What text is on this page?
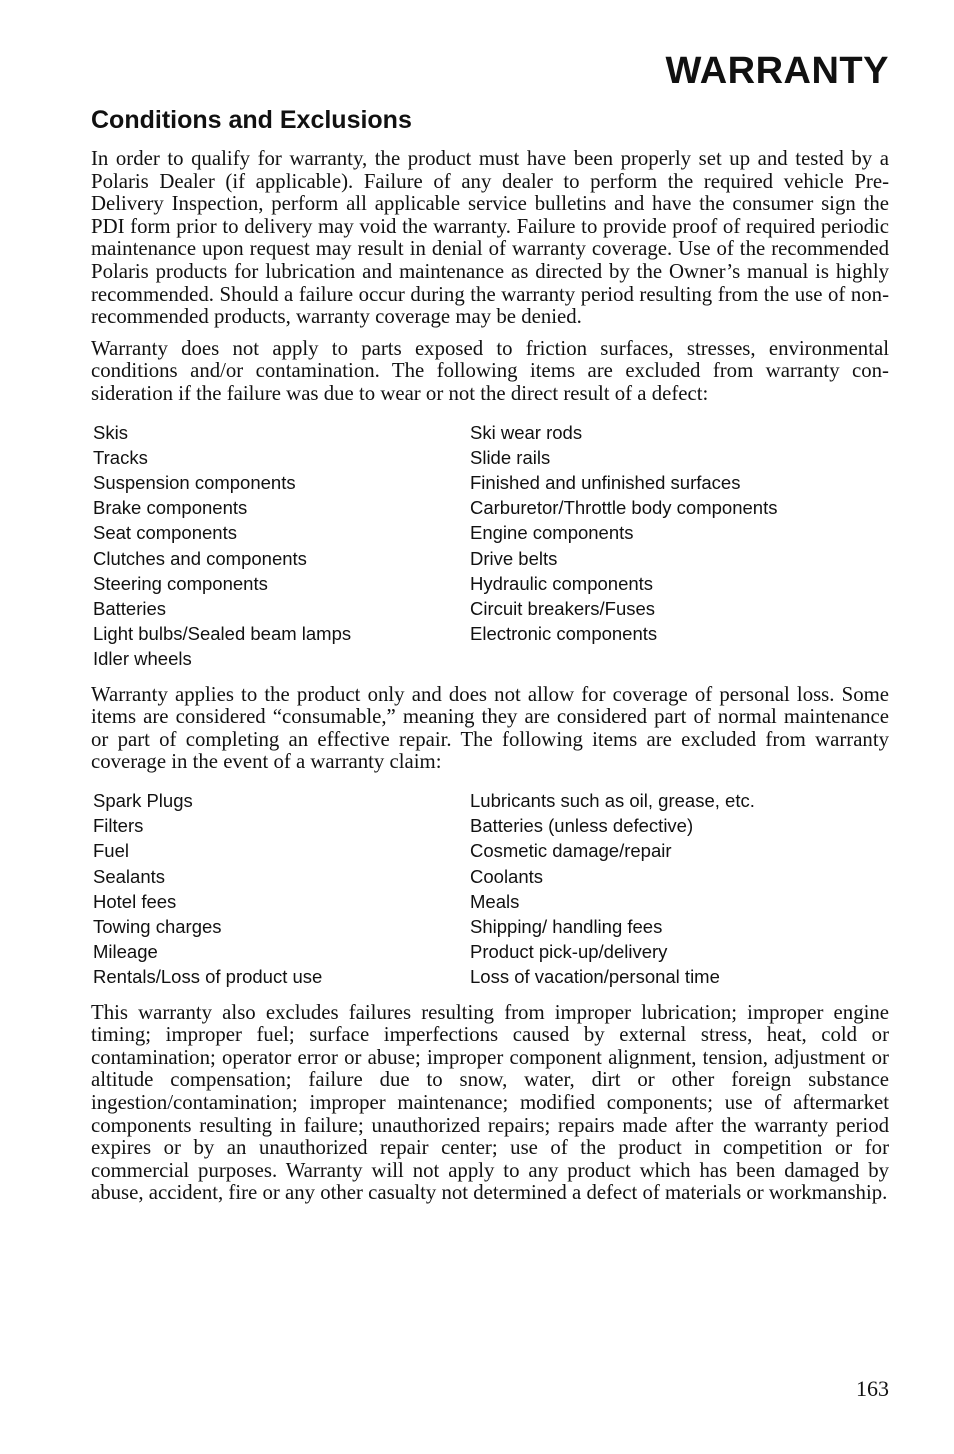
WARRANTY
Conditions and Exclusions

In order to qualify for warranty, the product must have been properly set up and tested by a Polaris Dealer (if applicable). Failure of any dealer to perform the required vehicle Pre-Delivery Inspection, perform all applicable service bulletins and have the consumer sign the PDI form prior to delivery may void the warranty. Failure to provide proof of required periodic maintenance upon request may result in denial of warranty coverage. Use of the recommended Polaris products for lubrication and maintenance as directed by the Owner’s manual is highly recommended. Should a failure occur during the warranty period resulting from the use of non-recommended products, warranty coverage may be denied.

Warranty does not apply to parts exposed to friction surfaces, stresses, environmental conditions and/or contamination. The following items are excluded from warranty con-sideration if the failure was due to wear or not the direct result of a defect:

Skis	Ski wear rods
Tracks	Slide rails
Suspension components	Finished and unfinished surfaces
Brake components	Carburetor/Throttle body components
Seat components	Engine components
Clutches and components	Drive belts
Steering components	Hydraulic components
Batteries	Circuit breakers/Fuses
Light bulbs/Sealed beam lamps	Electronic components
Idler wheels

Warranty applies to the product only and does not allow for coverage of personal loss. Some items are considered “consumable,” meaning they are considered part of normal maintenance or part of completing an effective repair. The following items are excluded from warranty coverage in the event of a warranty claim:

Spark Plugs	Lubricants such as oil, grease, etc.
Filters	Batteries (unless defective)
Fuel	Cosmetic damage/repair
Sealants	Coolants
Hotel fees	Meals
Towing charges	Shipping/ handling fees
Mileage	Product pick-up/delivery
Rentals/Loss of product use	Loss of vacation/personal time

This warranty also excludes failures resulting from improper lubrication; improper engine timing; improper fuel; surface imperfections caused by external stress, heat, cold or contamination; operator error or abuse; improper component alignment, tension, adjustment or altitude compensation; failure due to snow, water, dirt or other foreign substance ingestion/contamination; improper maintenance; modified components; use of aftermarket components resulting in failure; unauthorized repairs; repairs made after the warranty period expires or by an unauthorized repair center; use of the product in competition or for commercial purposes. Warranty will not apply to any product which has been damaged by abuse, accident, fire or any other casualty not determined a defect of materials or workmanship.

163
